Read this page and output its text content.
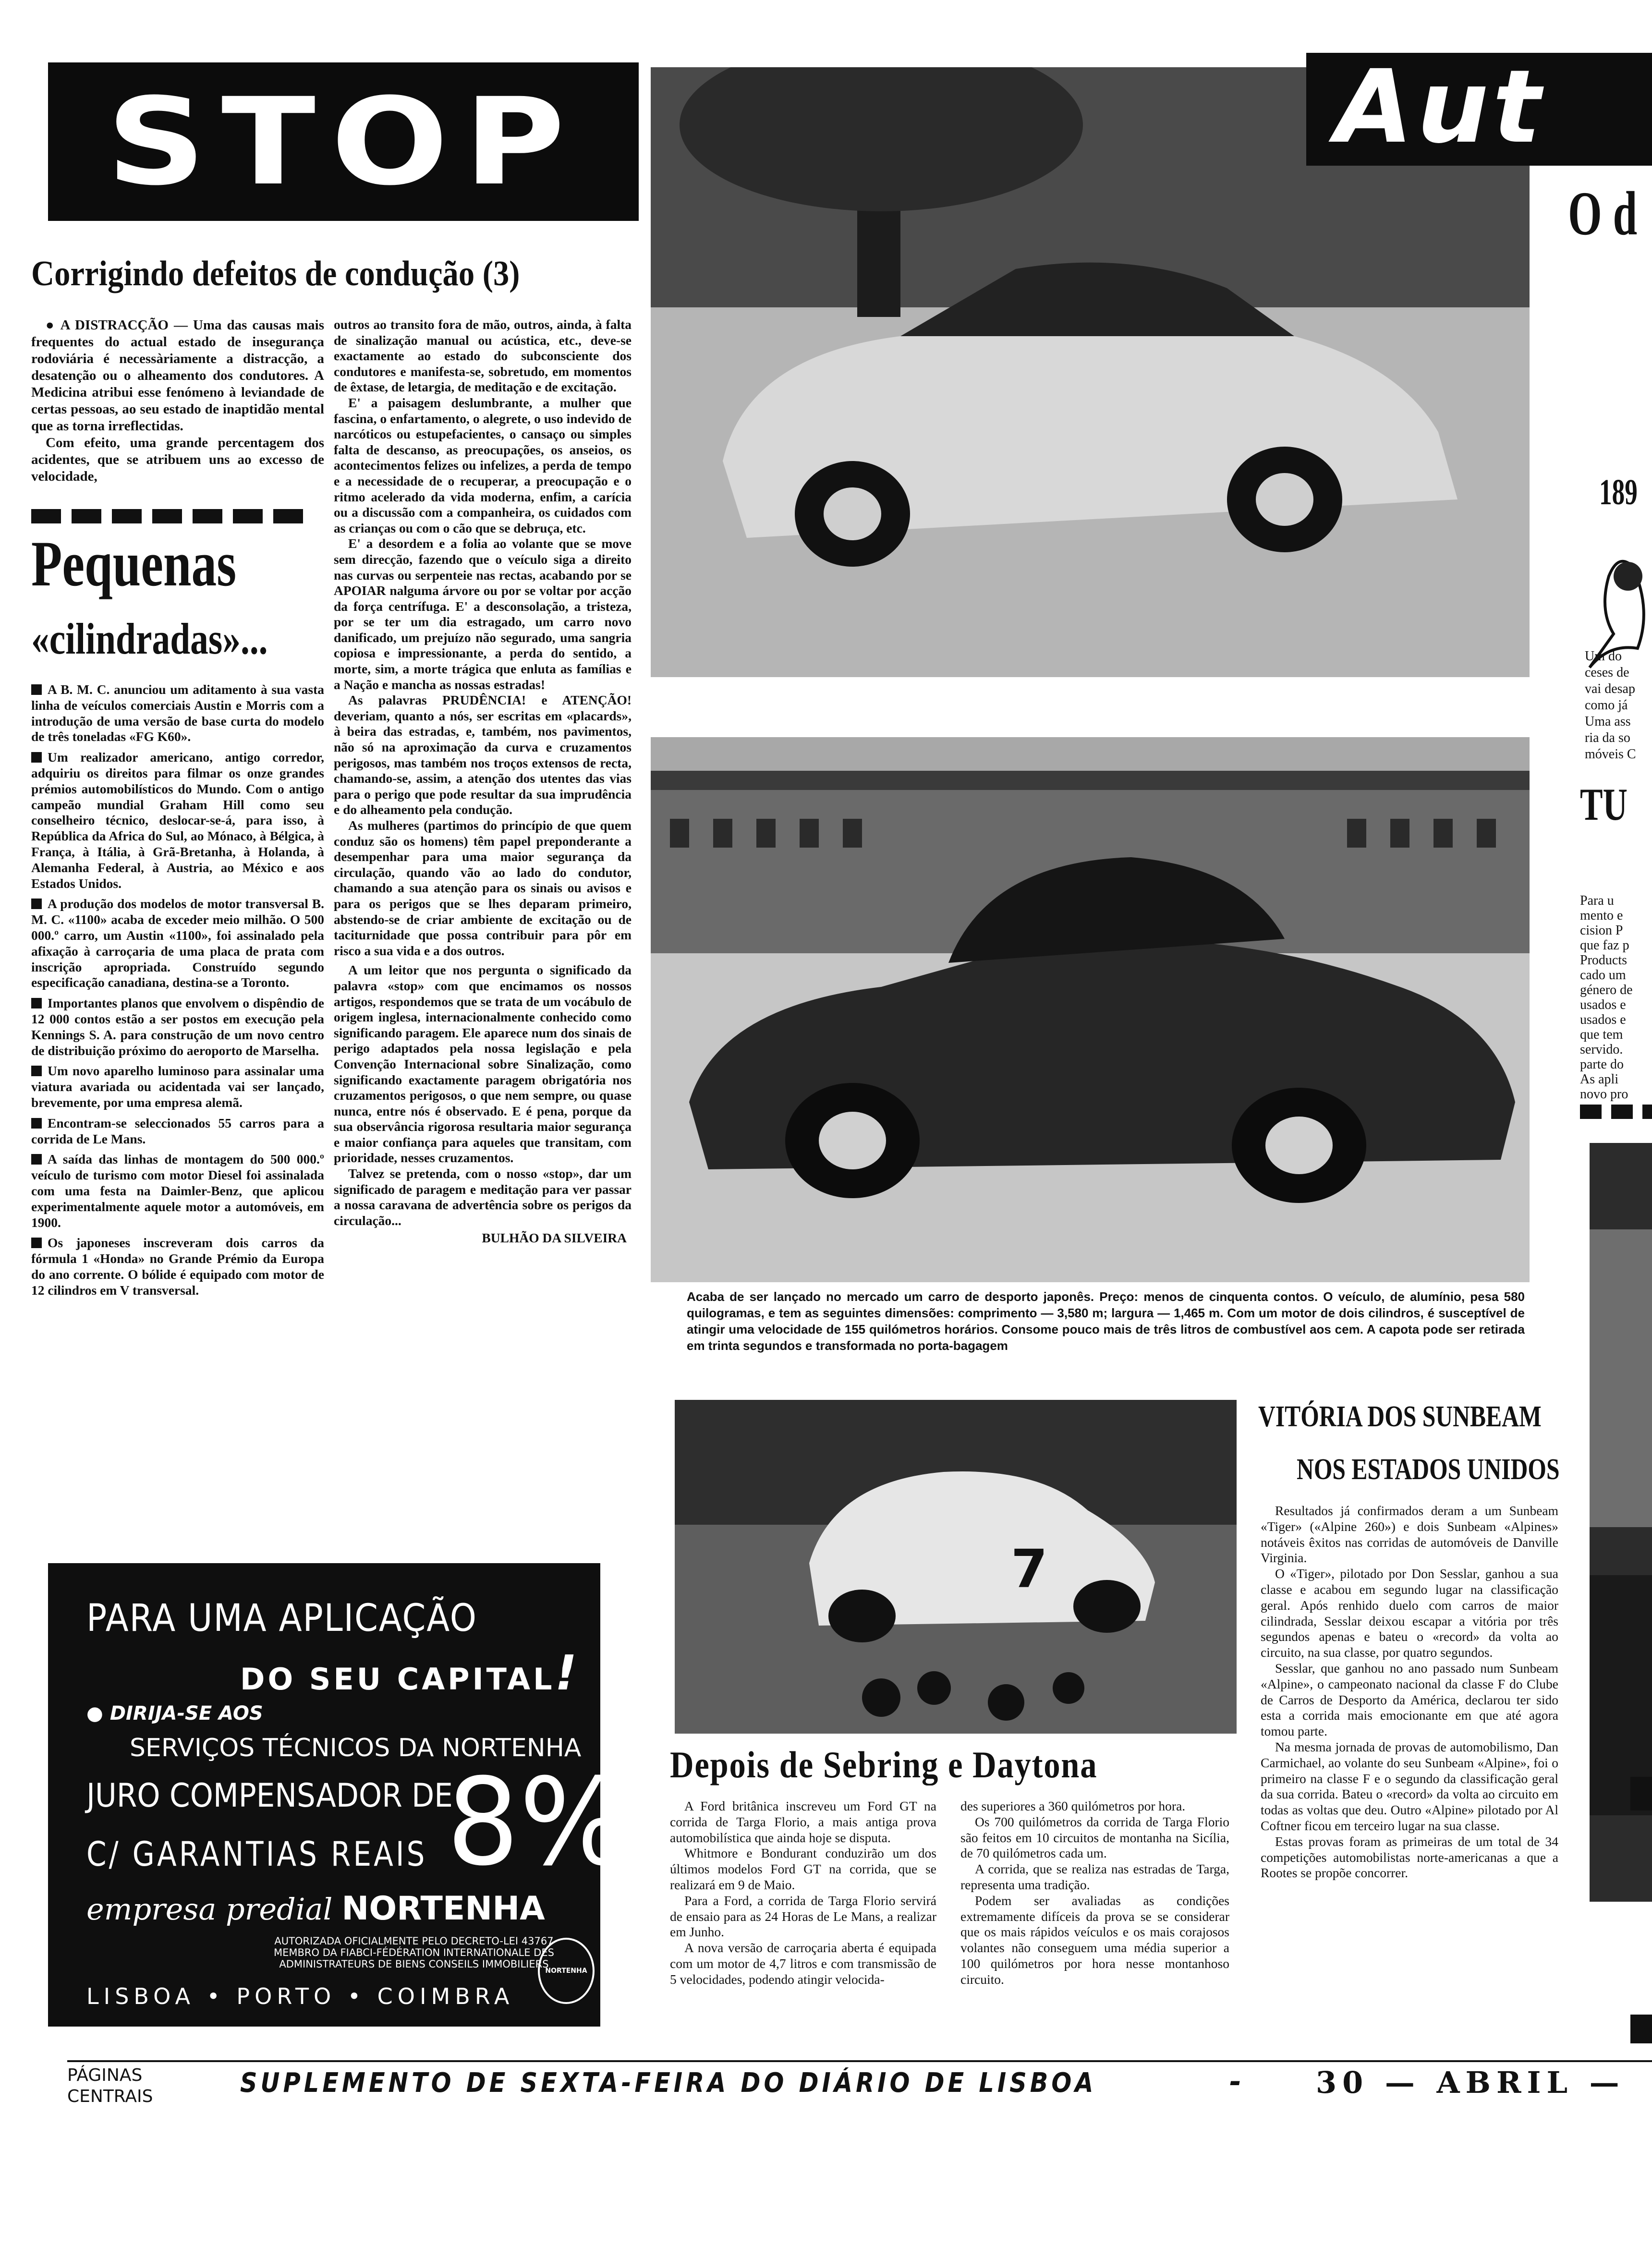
STOP
Corrigindo defeitos de condução (3)

● A DISTRACÇÃO — Uma das causas mais frequentes do actual estado de insegurança rodoviária é necessàriamente a distracção, a desatenção ou o alheamento dos condutores. A Medicina atribui esse fenómeno à leviandade de certas pessoas, ao seu estado de inaptidão mental que as torna irreflectidas.

Com efeito, uma grande percentagem dos acidentes, que se atribuem uns ao excesso de velocidade,

Pequenas
«cilindradas»...

A B. M. C. anunciou um aditamento à sua vasta linha de veículos comerciais Austin e Morris com a introdução de uma versão de base curta do modelo de três toneladas «FG K60».

Um realizador americano, antigo corredor, adquiriu os direitos para filmar os onze grandes prémios automobilísticos do Mundo. Com o antigo campeão mundial Graham Hill como seu conselheiro técnico, deslocar-se-á, para isso, à República da Africa do Sul, ao Mónaco, à Bélgica, à França, à Itália, à Grã-Bretanha, à Holanda, à Alemanha Federal, à Austria, ao México e aos Estados Unidos.

A produção dos modelos de motor transversal B. M. C. «1100» acaba de exceder meio milhão. O 500 000.º carro, um Austin «1100», foi assinalado pela afixação à carroçaria de uma placa de prata com inscrição apropriada. Construído segundo especificação canadiana, destina-se a Toronto.

Importantes planos que envolvem o dispêndio de 12 000 contos estão a ser postos em execução pela Kennings S. A. para construção de um novo centro de distribuição próximo do aeroporto de Marselha.

Um novo aparelho luminoso para assinalar uma viatura avariada ou acidentada vai ser lançado, brevemente, por uma empresa alemã.

Encontram-se seleccionados 55 carros para a corrida de Le Mans.

A saída das linhas de montagem do 500 000.º veículo de turismo com motor Diesel foi assinalada com uma festa na Daimler-Benz, que aplicou experimentalmente aquele motor a automóveis, em 1900.

Os japoneses inscreveram dois carros da fórmula 1 «Honda» no Grande Prémio da Europa do ano corrente. O bólide é equipado com motor de 12 cilindros em V transversal.

outros ao transito fora de mão, outros, ainda, à falta de sinalização manual ou acústica, etc., deve-se exactamente ao estado do subconsciente dos condutores e manifesta-se, sobretudo, em momentos de êxtase, de letargia, de meditação e de excitação.

E' a paisagem deslumbrante, a mulher que fascina, o enfartamento, o alegrete, o uso indevido de narcóticos ou estupefacientes, o cansaço ou simples falta de descanso, as preocupações, os anseios, os acontecimentos felizes ou infelizes, a perda de tempo e a necessidade de o recuperar, a preocupação e o ritmo acelerado da vida moderna, enfim, a carícia ou a discussão com a companheira, os cuidados com as crianças ou com o cão que se debruça, etc.

E' a desordem e a folia ao volante que se move sem direcção, fazendo que o veículo siga a direito nas curvas ou serpenteie nas rectas, acabando por se APOIAR nalguma árvore ou por se voltar por acção da força centrífuga. E' a desconsolação, a tristeza, por se ter um dia estragado, um carro novo danificado, um prejuízo não segurado, uma sangria copiosa e impressionante, a perda do sentido, a morte, sim, a morte trágica que enluta as famílias e a Nação e mancha as nossas estradas!

As palavras PRUDÊNCIA! e ATENÇÃO! deveriam, quanto a nós, ser escritas em «placards», à beira das estradas, e, também, nos pavimentos, não só na aproximação da curva e cruzamentos perigosos, mas também nos troços extensos de recta, chamando-se, assim, a atenção dos utentes das vias para o perigo que pode resultar da sua imprudência e do alheamento pela condução.

As mulheres (partimos do princípio de que quem conduz são os homens) têm papel preponderante a desempenhar para uma maior segurança da circulação, quando vão ao lado do condutor, chamando a sua atenção para os sinais ou avisos e para os perigos que se lhes deparam primeiro, abstendo-se de criar ambiente de excitação ou de taciturnidade que possa contribuir para pôr em risco a sua vida e a dos outros.

A um leitor que nos pergunta o significado da palavra «stop» com que encimamos os nossos artigos, respondemos que se trata de um vocábulo de origem inglesa, internacionalmente conhecido como significando paragem. Ele aparece num dos sinais de perigo adaptados pela nossa legislação e pela Convenção Internacional sobre Sinalização, como significando exactamente paragem obrigatória nos cruzamentos perigosos, o que nem sempre, ou quase nunca, entre nós é observado. E é pena, porque da sua observância rigorosa resultaria maior segurança e maior confiança para aqueles que transitam, com prioridade, nesses cruzamentos.

Talvez se pretenda, com o nosso «stop», dar um significado de paragem e meditação para ver passar a nossa caravana de advertência sobre os perigos da circulação...

BULHÃO DA SILVEIRA
Acaba de ser lançado no mercado um carro de desporto japonês. Preço: menos de cinquenta contos. O veículo, de alumínio, pesa 580 quilogramas, e tem as seguintes dimensões: comprimento — 3,580 m; largura — 1,465 m. Com um motor de dois cilindros, é susceptível de atingir uma velocidade de 155 quilómetros horários. Consome pouco mais de três litros de combustível aos cem. A capota pode ser retirada em trinta segundos e transformada no porta-bagagem
7
Depois de Sebring e Daytona

A Ford britânica inscreveu um Ford GT na corrida de Targa Florio, a mais antiga prova automobilística que ainda hoje se disputa.

Whitmore e Bondurant conduzirão um dos últimos modelos Ford GT na corrida, que se realizará em 9 de Maio.

Para a Ford, a corrida de Targa Florio servirá de ensaio para as 24 Horas de Le Mans, a realizar em Junho.

A nova versão de carroçaria aberta é equipada com um motor de 4,7 litros e com transmissão de 5 velocidades, podendo atingir velocida-

des superiores a 360 quilómetros por hora.

Os 700 quilómetros da corrida de Targa Florio são feitos em 10 circuitos de montanha na Sicília, de 70 quilómetros cada um.

A corrida, que se realiza nas estradas de Targa, representa uma tradição.

Podem ser avaliadas as condições extremamente difíceis da prova se se considerar que os mais rápidos veículos e os mais corajosos volantes não conseguem uma média superior a 100 quilómetros por hora nesse montanhoso circuito.

VITÓRIA DOS SUNBEAM
NOS ESTADOS UNIDOS

Resultados já confirmados deram a um Sunbeam «Tiger» («Alpine 260») e dois Sunbeam «Alpines» notáveis êxitos nas corridas de automóveis de Danville Virginia.

O «Tiger», pilotado por Don Sesslar, ganhou a sua classe e acabou em segundo lugar na classificação geral. Após renhido duelo com carros de maior cilindrada, Sesslar deixou escapar a vitória por três segundos apenas e bateu o «record» da volta ao circuito, na sua classe, por quatro segundos.

Sesslar, que ganhou no ano passado num Sunbeam «Alpine», o campeonato nacional da classe F do Clube de Carros de Desporto da América, declarou ter sido esta a corrida mais emocionante em que até agora tomou parte.

Na mesma jornada de provas de automobilismo, Dan Carmichael, ao volante do seu Sunbeam «Alpine», foi o primeiro na classe F e o segundo da classificação geral da sua corrida. Bateu o «record» da volta ao circuito em todas as voltas que deu. Outro «Alpine» pilotado por Al Coftner ficou em terceiro lugar na sua classe.

Estas provas foram as primeiras de um total de 34 competições automobilistas norte-americanas a que a Rootes se propõe concorrer.

Aut
O d
189
Um do
ceses de
vai desap
como já
Uma ass
ria da so
móveis C
TU
Para u
mento e
cision P
que faz p
Products
cado um
género de
usados e
usados e
que tem
servido.
parte do
As apli
novo pro
PARA UMA APLICAÇÃO
DO SEU CAPITAL!
● DIRIJA-SE AOS
SERVIÇOS TÉCNICOS DA NORTENHA
JURO COMPENSADOR DE
8%
C/ GARANTIAS REAIS
empresa predial NORTENHA
AUTORIZADA OFICIALMENTE PELO DECRETO-LEI 43767
MEMBRO DA FIABCI-FÉDÉRATION INTERNATIONALE DES
ADMINISTRATEURS DE BIENS CONSEILS IMMOBILIERS
LISBOA • PORTO • COIMBRA
NORTENHA
PÁGINAS
CENTRAIS	SUPLEMENTO DE SEXTA-FEIRA DO DIÁRIO DE LISBOA	-	30 — ABRIL —
